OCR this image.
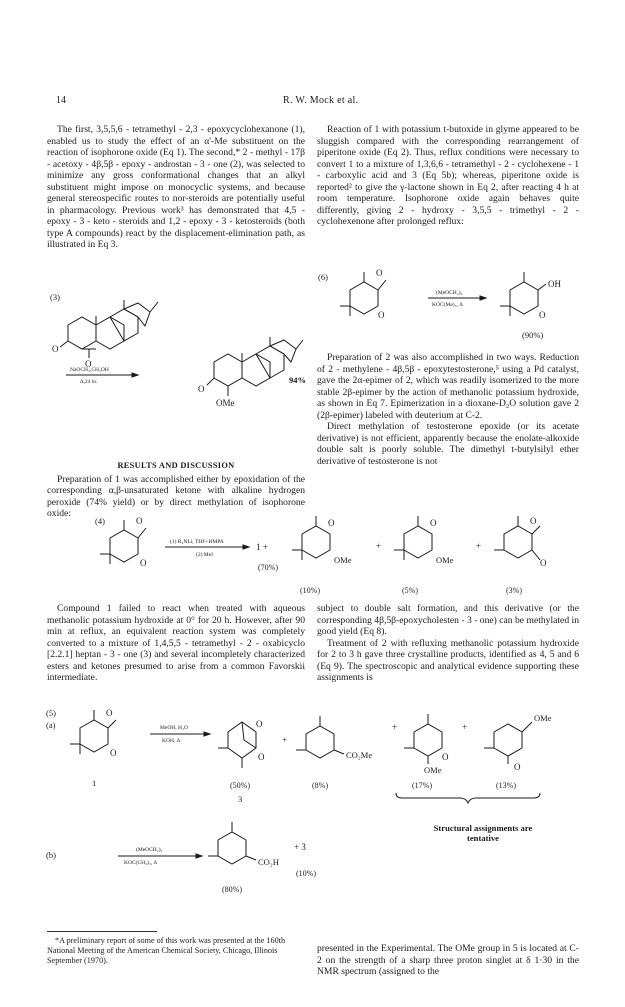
14	R. W. Mock et al.

The first, 3,5,5,6 - tetramethyl - 2,3 - epoxycyclohexanone (1), enabled us to study the effect of an α'-Me substituent on the reaction of isophorone oxide (Eq 1). The second,* 2 - methyl - 17β - acetoxy - 4β,5β - epoxy - androstan - 3 - one (2), was selected to minimize any gross conformational changes that an alkyl substituent might impose on monocyclic systems, and because general stereospecific routes to nor-steroids are potentially useful in pharmacology. Previous work³ has demonstrated that 4,5 - epoxy - 3 - keto - steroids and 1,2 - epoxy - 3 - ketosteroids (both type A compounds) react by the displacement-elimination path, as illustrated in Eq 3.

RESULTS AND DISCUSSION

Preparation of 1 was accomplished either by epoxidation of the corresponding α,β-unsaturated ketone with alkaline hydrogen peroxide (74% yield) or by direct methylation of isophorone oxide:

Reaction of 1 with potassium t-butoxide in glyme appeared to be sluggish compared with the corresponding rearrangement of piperitone oxide (Eq 2). Thus, reflux conditions were necessary to convert 1 to a mixture of 1,3,6,6 - tetramethyl - 2 - cyclohexene - 1 - carboxylic acid and 3 (Eq 5b); whereas, piperitone oxide is reported² to give the γ-lactone shown in Eq 2, after reacting 4 h at room temperature. Isophorone oxide again behaves quite differently, giving 2 - hydroxy - 3,5,5 - trimethyl - 2 - cyclohexenone after prolonged reflux:

Preparation of 2 was also accomplished in two ways. Reduction of 2 - methylene - 4β,5β - epoxytestosterone,⁵ using a Pd catalyst, gave the 2α-epimer of 2, which was readily isomerized to the more stable 2β-epimer by the action of methanolic potassium hydroxide, as shown in Eq 7. Epimerization in a dioxane-D₂O solution gave 2 (2β-epimer) labeled with deuterium at C-2.

Direct methylation of testosterone epoxide (or its acetate derivative) is not efficient, apparently because the enolate-alkoxide double salt is poorly soluble. The dimethyl t-butylsilyl ether derivative of testosterone is not

Compound 1 failed to react when treated with aqueous methanolic potassium hydroxide at 0° for 20 h. However, after 90 min at reflux, an equivalent reaction system was completely converted to a mixture of 1,4,5,5 - tetramethyl - 2 - oxabicyclo [2.2.1] heptan - 3 - one (3) and several incompletely characterized esters and ketones presumed to arise from a common Favorskii intermediate.

subject to double salt formation, and this derivative (or the corresponding 4β,5β-epoxycholesten - 3 - one) can be methylated in good yield (Eq 8).

Treatment of 2 with refluxing methanolic potassium hydroxide for 2 to 3 h gave three crystalline products, identified as 4, 5 and 6 (Eq 9). The spectroscopic and analytical evidence supporting these assignments is

presented in the Experimental. The OMe group in 5 is located at C-2 on the strength of a sharp three proton singlet at δ 1·30 in the NMR spectrum (assigned to the

*A preliminary report of some of this work was presented at the 160th National Meeting of the American Chemical Society, Chicago, Illinois September (1970).

Structural assignments are tentative
(3)
O
O
NaOCH₃,CH₃OH
Δ,24 hr.
O
OMe
94%
(6)	O
O
(MeOCH₂)₂
KOC(Me)₃, Δ
OH
O
(90%)
(4)	O
O
(1) R₂NLi, THF+HMPA
(2) MeI
1 +
(70%)
O
OMe
+
O
OMe
+
O
O
(10%)	(5%)	(3%)
(5)
(a)
O
O
1
MeOH, H₂O
KOH, Δ
O
O
(50%)
3
+
CO₂Me
(8%)
+
O
OMe
(17%)
+
OMe
O
(13%)
(b)	(MeOCH₂)₂
KOC(CH₃)₃, Δ	CO₂H
+ 3
(10%)
(80%)
